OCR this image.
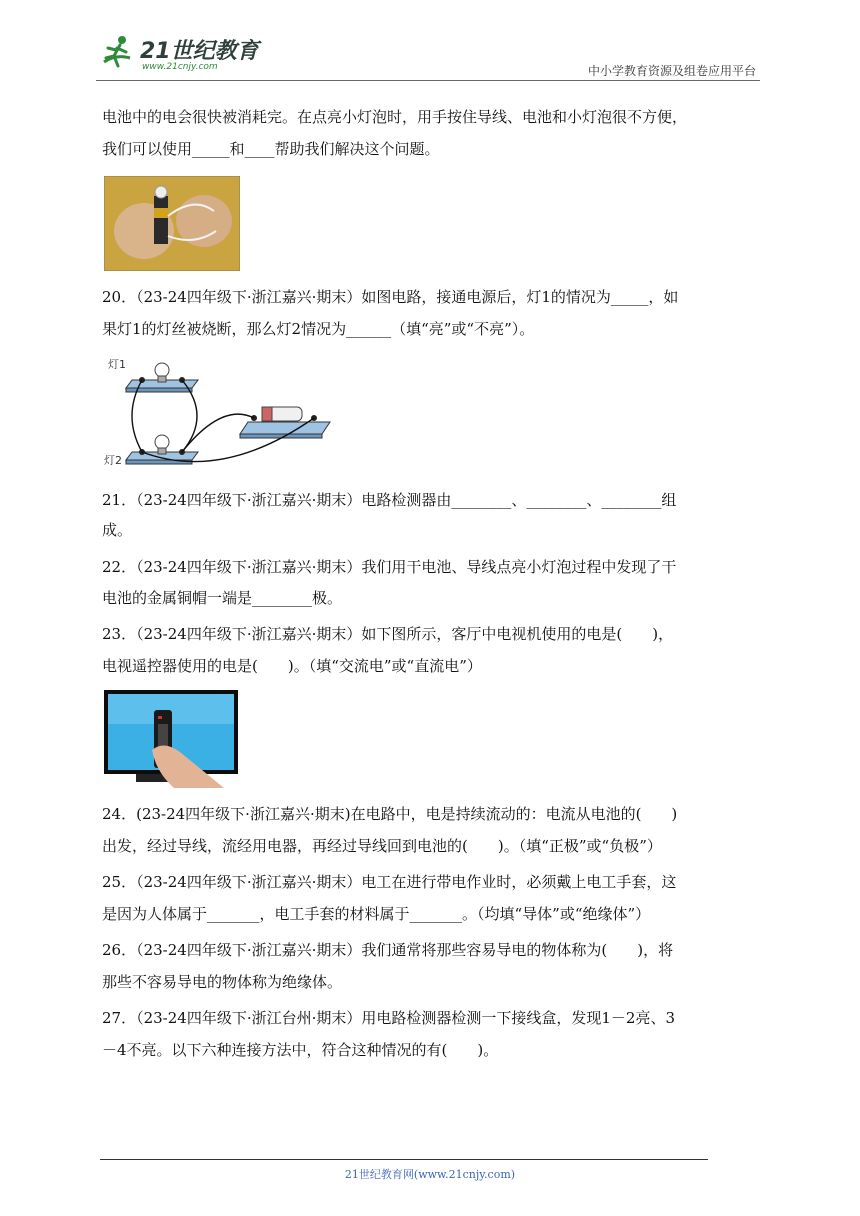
21世纪教育
www.21cnjy.com	中小学教育资源及组卷应用平台
电池中的电会很快被消耗完。在点亮小灯泡时，用手按住导线、电池和小灯泡很不方便，
我们可以使用_____和____帮助我们解决这个问题。
20．（23-24四年级下·浙江嘉兴·期末）如图电路，接通电源后，灯1的情况为_____，如
果灯1的灯丝被烧断，那么灯2情况为______（填“亮”或“不亮”）。
灯1
灯2
21．（23-24四年级下·浙江嘉兴·期末）电路检测器由________、________、________组
成。
22．（23-24四年级下·浙江嘉兴·期末）我们用干电池、导线点亮小灯泡过程中发现了干
电池的金属铜帽一端是________极。
23．（23-24四年级下·浙江嘉兴·期末）如下图所示，客厅中电视机使用的电是(　　)，
电视遥控器使用的电是(　　)。（填“交流电”或“直流电”）
24．(23-24四年级下·浙江嘉兴·期末)在电路中，电是持续流动的：电流从电池的(　　)
出发，经过导线，流经用电器，再经过导线回到电池的(　　)。（填“正极”或“负极”）
25．（23-24四年级下·浙江嘉兴·期末）电工在进行带电作业时，必须戴上电工手套，这
是因为人体属于_______，电工手套的材料属于_______。（均填“导体”或“绝缘体”）
26．（23-24四年级下·浙江嘉兴·期末）我们通常将那些容易导电的物体称为(　　)，将
那些不容易导电的物体称为绝缘体。
27．（23-24四年级下·浙江台州·期末）用电路检测器检测一下接线盒，发现1－2亮、3
－4不亮。以下六种连接方法中，符合这种情况的有(　　)。
21世纪教育网(www.21cnjy.com)
